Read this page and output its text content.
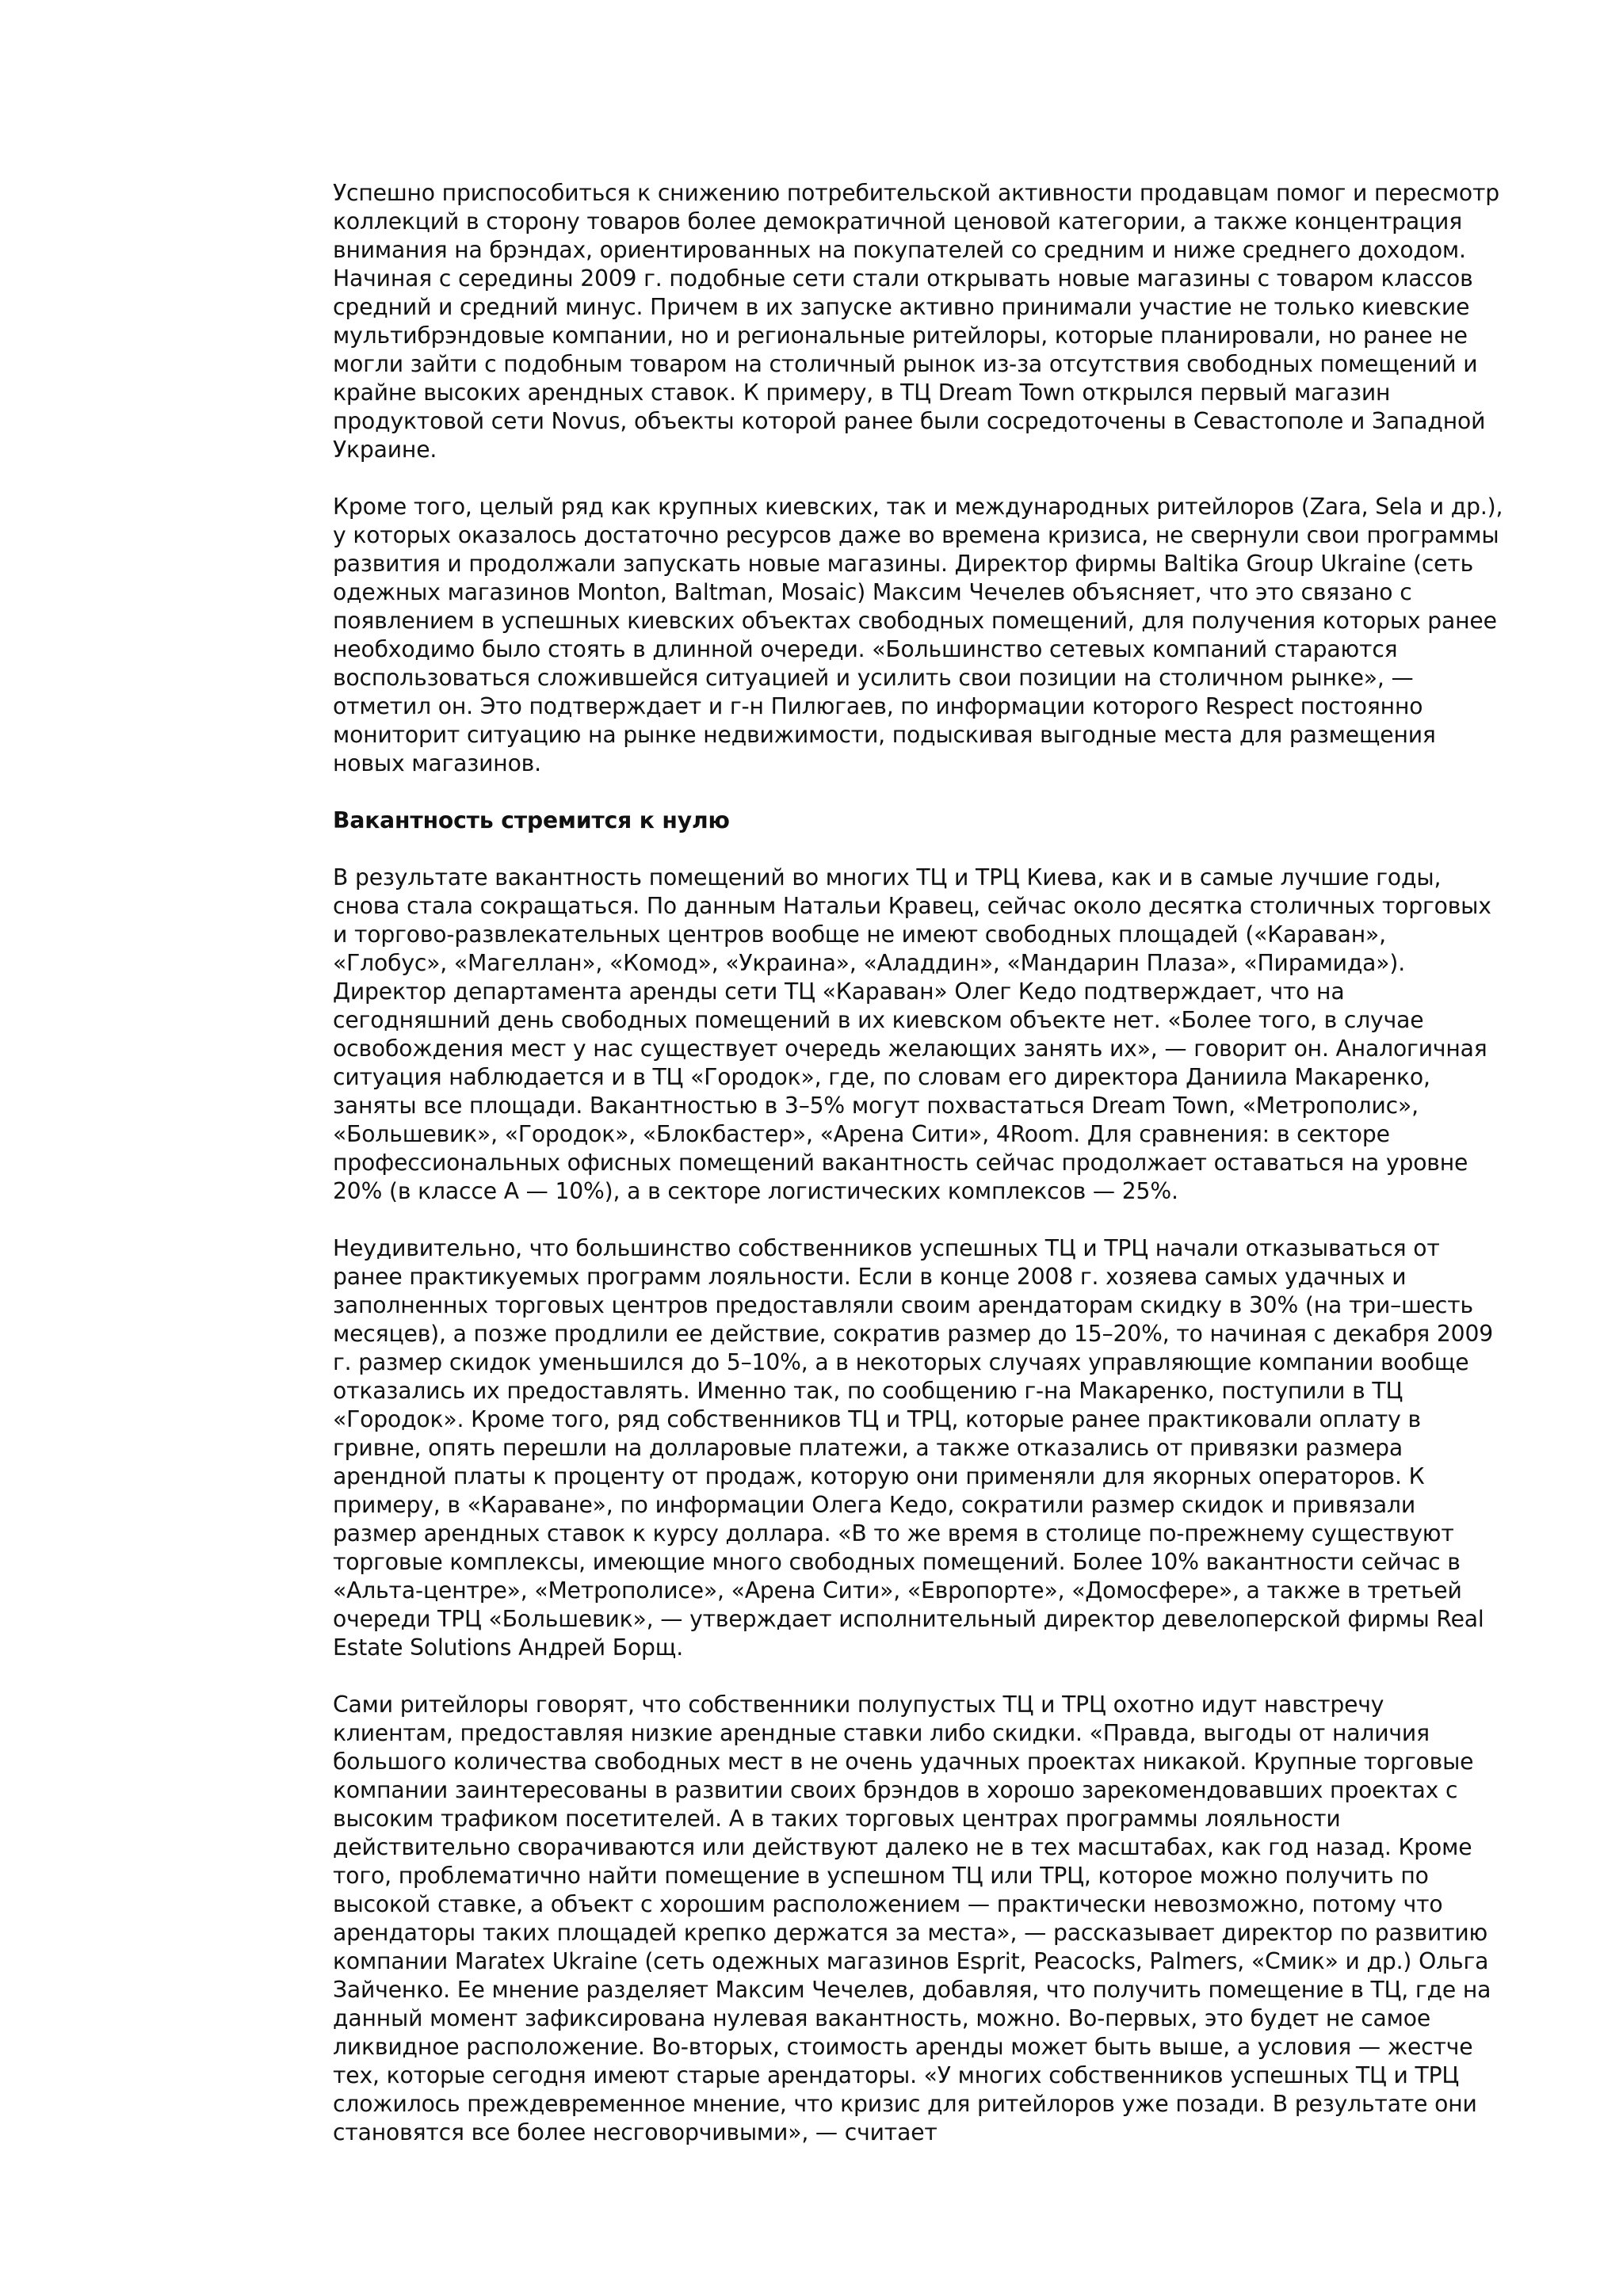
Успешно приспособиться к снижению потребительской активности продавцам помог и пересмотр коллекций в сторону товаров более демократичной ценовой категории, а также концентрация внимания на брэндах, ориентированных на покупателей со средним и ниже среднего доходом. Начиная с середины 2009 г. подобные сети стали открывать новые магазины с товаром классов средний и средний минус. Причем в их запуске активно принимали участие не только киевские мультибрэндовые компании, но и региональные ритейлоры, которые планировали, но ранее не могли зайти с подобным товаром на столичный рынок из-за отсутствия свободных помещений и крайне высоких арендных ставок. К примеру, в ТЦ Dream Town открылся первый магазин продуктовой сети Novus, объекты которой ранее были сосредоточены в Севастополе и Западной Украине.

Кроме того, целый ряд как крупных киевских, так и международных ритейлоров (Zara, Sela и др.), у которых оказалось достаточно ресурсов даже во времена кризиса, не свернули свои программы развития и продолжали запускать новые магазины. Директор фирмы Baltika Group Ukraine (сеть одежных магазинов Monton, Baltman, Mosaic) Максим Чечелев объясняет, что это связано с появлением в успешных киевских объектах свободных помещений, для получения которых ранее необходимо было стоять в длинной очереди. «Большинство сетевых компаний стараются воспользоваться сложившейся ситуацией и усилить свои позиции на столичном рынке», — отметил он. Это подтверждает и г-н Пилюгаев, по информации которого Respect постоянно мониторит ситуацию на рынке недвижимости, подыскивая выгодные места для размещения новых магазинов.

Вакантность стремится к нулю

В результате вакантность помещений во многих ТЦ и ТРЦ Киева, как и в самые лучшие годы, снова стала сокращаться. По данным Натальи Кравец, сейчас около десятка столичных торговых и торгово-развлекательных центров вообще не имеют свободных площадей («Караван», «Глобус», «Магеллан», «Комод», «Украина», «Аладдин», «Мандарин Плаза», «Пирамида»). Директор департамента аренды сети ТЦ «Караван» Олег Кедо подтверждает, что на сегодняшний день свободных помещений в их киевском объекте нет. «Более того, в случае освобождения мест у нас существует очередь желающих занять их», — говорит он. Аналогичная ситуация наблюдается и в ТЦ «Городок», где, по словам его директора Даниила Макаренко, заняты все площади. Вакантностью в 3–5% могут похвастаться Dream Town, «Метрополис», «Большевик», «Городок», «Блокбастер», «Арена Сити», 4Room. Для сравнения: в секторе профессиональных офисных помещений вакантность сейчас продолжает оставаться на уровне 20% (в классе А — 10%), а в секторе логистических комплексов — 25%.

Неудивительно, что большинство собственников успешных ТЦ и ТРЦ начали отказываться от ранее практикуемых программ лояльности. Если в конце 2008 г. хозяева самых удачных и заполненных торговых центров предоставляли своим арендаторам скидку в 30% (на три–шесть месяцев), а позже продлили ее действие, сократив размер до 15–20%, то начиная с декабря 2009 г. размер скидок уменьшился до 5–10%, а в некоторых случаях управляющие компании вообще отказались их предоставлять. Именно так, по сообщению г-на Макаренко, поступили в ТЦ «Городок». Кроме того, ряд собственников ТЦ и ТРЦ, которые ранее практиковали оплату в гривне, опять перешли на долларовые платежи, а также отказались от привязки размера арендной платы к проценту от продаж, которую они применяли для якорных операторов. К примеру, в «Караване», по информации Олега Кедо, сократили размер скидок и привязали размер арендных ставок к курсу доллара. «В то же время в столице по-прежнему существуют торговые комплексы, имеющие много свободных помещений. Более 10% вакантности сейчас в «Альта-центре», «Метрополисе», «Арена Сити», «Европорте», «Домосфере», а также в третьей очереди ТРЦ «Большевик», — утверждает исполнительный директор девелоперской фирмы Real Estate Solutions Андрей Борщ.

Сами ритейлоры говорят, что собственники полупустых ТЦ и ТРЦ охотно идут навстречу клиентам, предоставляя низкие арендные ставки либо скидки. «Правда, выгоды от наличия большого количества свободных мест в не очень удачных проектах никакой. Крупные торговые компании заинтересованы в развитии своих брэндов в хорошо зарекомендовавших проектах с высоким трафиком посетителей. А в таких торговых центрах программы лояльности действительно сворачиваются или действуют далеко не в тех масштабах, как год назад. Кроме того, проблематично найти помещение в успешном ТЦ или ТРЦ, которое можно получить по высокой ставке, а объект с хорошим расположением — практически невозможно, потому что арендаторы таких площадей крепко держатся за места», — рассказывает директор по развитию компании Maratex Ukraine (сеть одежных магазинов Esprit, Peacocks, Palmers, «Смик» и др.) Ольга Зайченко. Ее мнение разделяет Максим Чечелев, добавляя, что получить помещение в ТЦ, где на данный момент зафиксирована нулевая вакантность, можно. Во-первых, это будет не самое ликвидное расположение. Во-вторых, стоимость аренды может быть выше, а условия — жестче тех, которые сегодня имеют старые арендаторы. «У многих собственников успешных ТЦ и ТРЦ сложилось преждевременное мнение, что кризис для ритейлоров уже позади. В результате они становятся все более несговорчивыми», — считает
